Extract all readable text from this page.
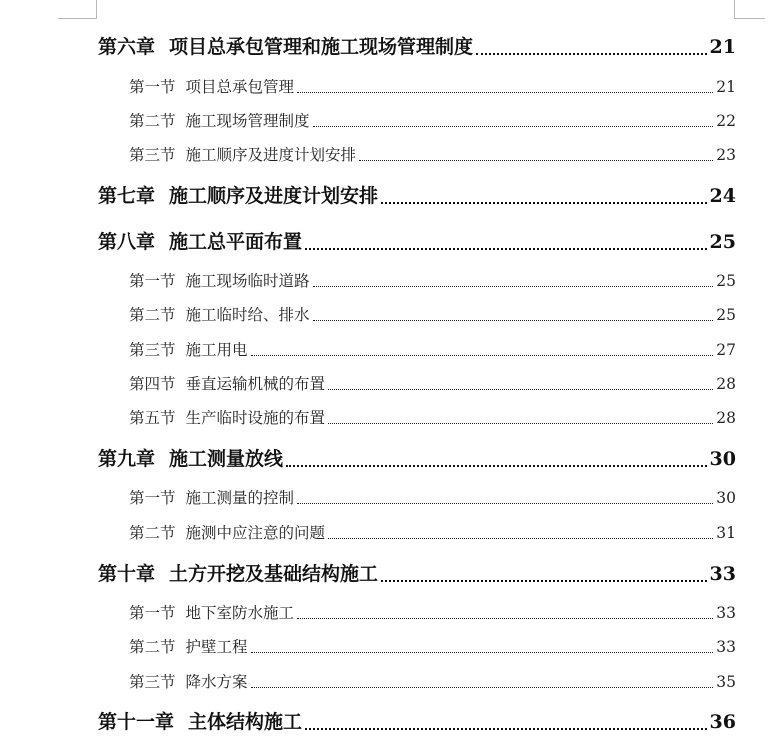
第六章 项目总承包管理和施工现场管理制度	21
第一节 项目总承包管理	21
第二节 施工现场管理制度	22
第三节 施工顺序及进度计划安排	23
第七章 施工顺序及进度计划安排	24
第八章 施工总平面布置	25
第一节 施工现场临时道路	25
第二节 施工临时给、排水	25
第三节 施工用电	27
第四节 垂直运输机械的布置	28
第五节 生产临时设施的布置	28
第九章 施工测量放线	30
第一节 施工测量的控制	30
第二节 施测中应注意的问题	31
第十章 土方开挖及基础结构施工	33
第一节 地下室防水施工	33
第二节 护壁工程	33
第三节 降水方案	35
第十一章 主体结构施工	36
